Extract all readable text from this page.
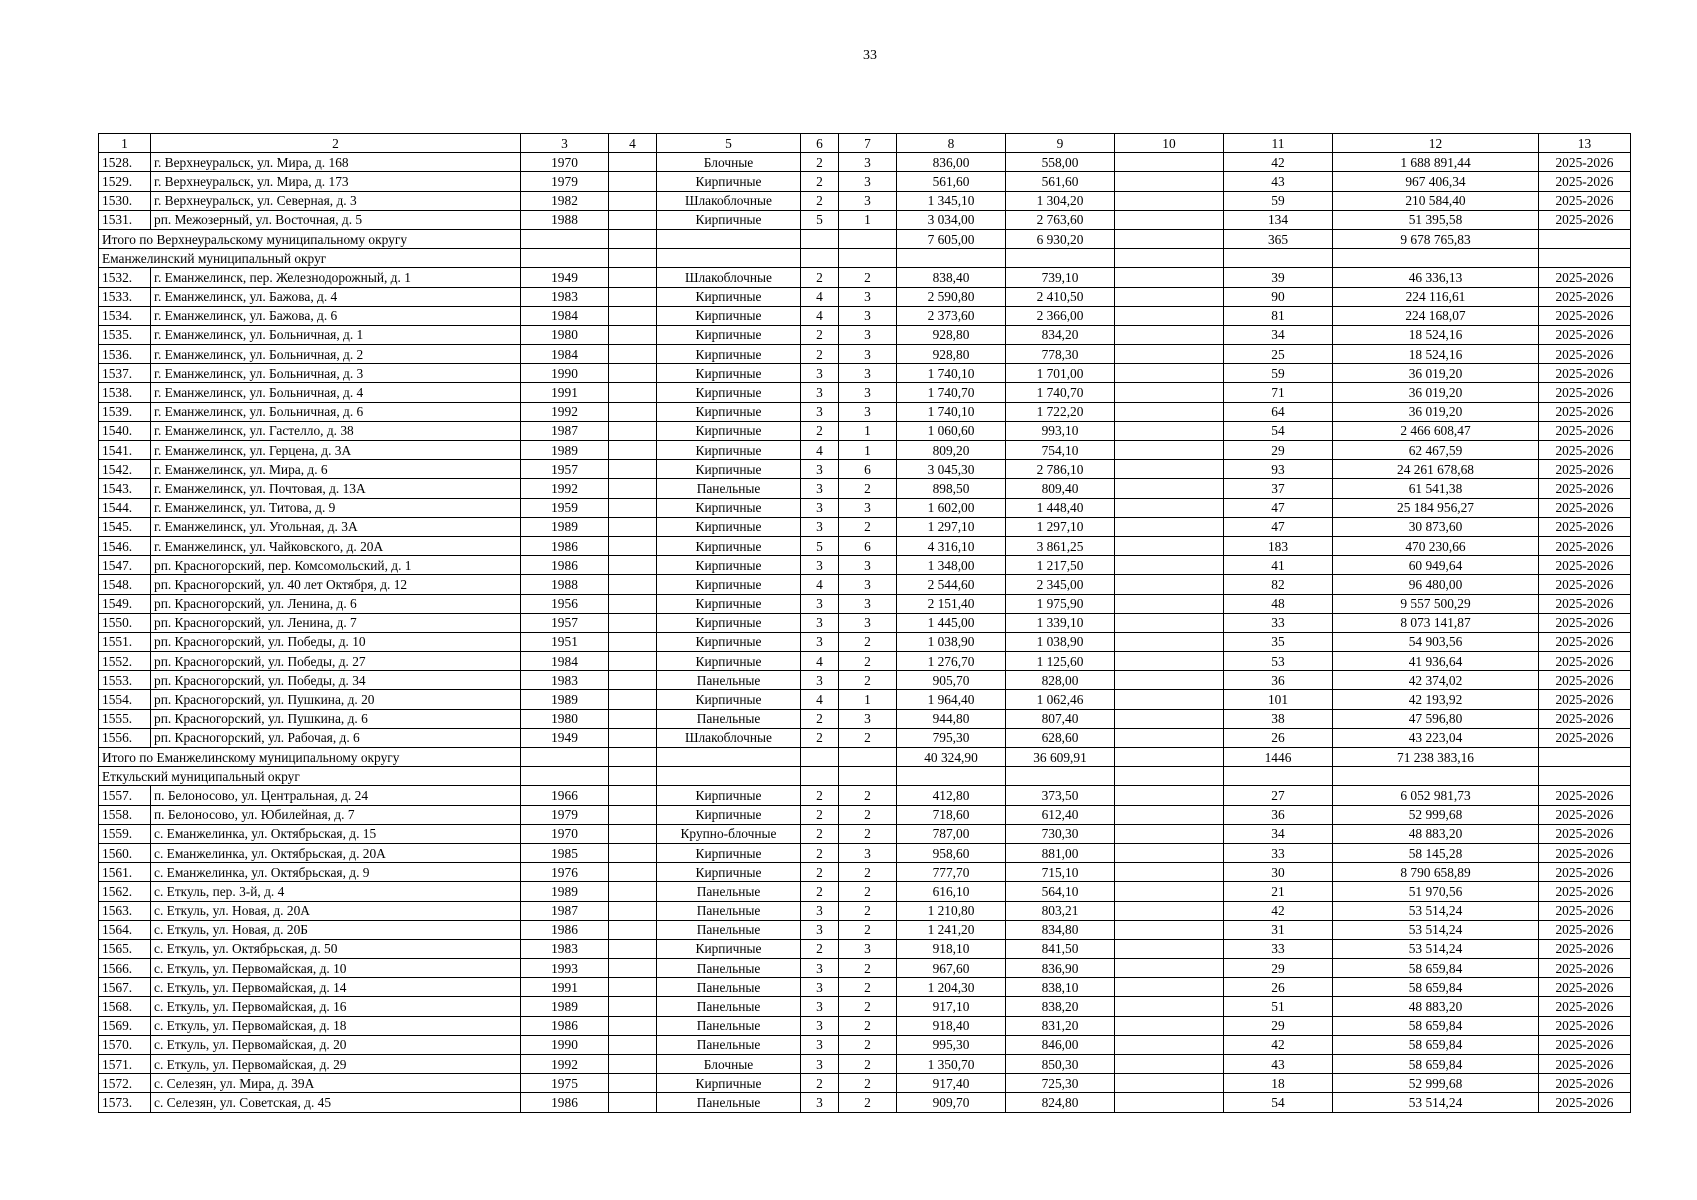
33
1	2	3	4	5	6	7	8	9	10	11	12	13
1528.	г. Верхнеуральск, ул. Мира, д. 168	1970		Блочные	2	3	836,00	558,00		42	1 688 891,44	2025-2026
1529.	г. Верхнеуральск, ул. Мира, д. 173	1979		Кирпичные	2	3	561,60	561,60		43	967 406,34	2025-2026
1530.	г. Верхнеуральск, ул. Северная, д. 3	1982		Шлакоблочные	2	3	1 345,10	1 304,20		59	210 584,40	2025-2026
1531.	рп. Межозерный, ул. Восточная, д. 5	1988		Кирпичные	5	1	3 034,00	2 763,60		134	51 395,58	2025-2026
Итого по Верхнеуральскому муниципальному округу							7 605,00	6 930,20		365	9 678 765,83	
Еманжелинский муниципальный округ												
1532.	г. Еманжелинск, пер. Железнодорожный, д. 1	1949		Шлакоблочные	2	2	838,40	739,10		39	46 336,13	2025-2026
1533.	г. Еманжелинск, ул. Бажова, д. 4	1983		Кирпичные	4	3	2 590,80	2 410,50		90	224 116,61	2025-2026
1534.	г. Еманжелинск, ул. Бажова, д. 6	1984		Кирпичные	4	3	2 373,60	2 366,00		81	224 168,07	2025-2026
1535.	г. Еманжелинск, ул. Больничная, д. 1	1980		Кирпичные	2	3	928,80	834,20		34	18 524,16	2025-2026
1536.	г. Еманжелинск, ул. Больничная, д. 2	1984		Кирпичные	2	3	928,80	778,30		25	18 524,16	2025-2026
1537.	г. Еманжелинск, ул. Больничная, д. 3	1990		Кирпичные	3	3	1 740,10	1 701,00		59	36 019,20	2025-2026
1538.	г. Еманжелинск, ул. Больничная, д. 4	1991		Кирпичные	3	3	1 740,70	1 740,70		71	36 019,20	2025-2026
1539.	г. Еманжелинск, ул. Больничная, д. 6	1992		Кирпичные	3	3	1 740,10	1 722,20		64	36 019,20	2025-2026
1540.	г. Еманжелинск, ул. Гастелло, д. 38	1987		Кирпичные	2	1	1 060,60	993,10		54	2 466 608,47	2025-2026
1541.	г. Еманжелинск, ул. Герцена, д. 3А	1989		Кирпичные	4	1	809,20	754,10		29	62 467,59	2025-2026
1542.	г. Еманжелинск, ул. Мира, д. 6	1957		Кирпичные	3	6	3 045,30	2 786,10		93	24 261 678,68	2025-2026
1543.	г. Еманжелинск, ул. Почтовая, д. 13А	1992		Панельные	3	2	898,50	809,40		37	61 541,38	2025-2026
1544.	г. Еманжелинск, ул. Титова, д. 9	1959		Кирпичные	3	3	1 602,00	1 448,40		47	25 184 956,27	2025-2026
1545.	г. Еманжелинск, ул. Угольная, д. 3А	1989		Кирпичные	3	2	1 297,10	1 297,10		47	30 873,60	2025-2026
1546.	г. Еманжелинск, ул. Чайковского, д. 20А	1986		Кирпичные	5	6	4 316,10	3 861,25		183	470 230,66	2025-2026
1547.	рп. Красногорский, пер. Комсомольский, д. 1	1986		Кирпичные	3	3	1 348,00	1 217,50		41	60 949,64	2025-2026
1548.	рп. Красногорский, ул. 40 лет Октября, д. 12	1988		Кирпичные	4	3	2 544,60	2 345,00		82	96 480,00	2025-2026
1549.	рп. Красногорский, ул. Ленина, д. 6	1956		Кирпичные	3	3	2 151,40	1 975,90		48	9 557 500,29	2025-2026
1550.	рп. Красногорский, ул. Ленина, д. 7	1957		Кирпичные	3	3	1 445,00	1 339,10		33	8 073 141,87	2025-2026
1551.	рп. Красногорский, ул. Победы, д. 10	1951		Кирпичные	3	2	1 038,90	1 038,90		35	54 903,56	2025-2026
1552.	рп. Красногорский, ул. Победы, д. 27	1984		Кирпичные	4	2	1 276,70	1 125,60		53	41 936,64	2025-2026
1553.	рп. Красногорский, ул. Победы, д. 34	1983		Панельные	3	2	905,70	828,00		36	42 374,02	2025-2026
1554.	рп. Красногорский, ул. Пушкина, д. 20	1989		Кирпичные	4	1	1 964,40	1 062,46		101	42 193,92	2025-2026
1555.	рп. Красногорский, ул. Пушкина, д. 6	1980		Панельные	2	3	944,80	807,40		38	47 596,80	2025-2026
1556.	рп. Красногорский, ул. Рабочая, д. 6	1949		Шлакоблочные	2	2	795,30	628,60		26	43 223,04	2025-2026
Итого по Еманжелинскому муниципальному округу							40 324,90	36 609,91		1446	71 238 383,16	
Еткульский муниципальный округ												
1557.	п. Белоносово, ул. Центральная, д. 24	1966		Кирпичные	2	2	412,80	373,50		27	6 052 981,73	2025-2026
1558.	п. Белоносово, ул. Юбилейная, д. 7	1979		Кирпичные	2	2	718,60	612,40		36	52 999,68	2025-2026
1559.	с. Еманжелинка, ул. Октябрьская, д. 15	1970		Крупно-блочные	2	2	787,00	730,30		34	48 883,20	2025-2026
1560.	с. Еманжелинка, ул. Октябрьская, д. 20А	1985		Кирпичные	2	3	958,60	881,00		33	58 145,28	2025-2026
1561.	с. Еманжелинка, ул. Октябрьская, д. 9	1976		Кирпичные	2	2	777,70	715,10		30	8 790 658,89	2025-2026
1562.	с. Еткуль, пер. 3-й, д. 4	1989		Панельные	2	2	616,10	564,10		21	51 970,56	2025-2026
1563.	с. Еткуль, ул. Новая, д. 20А	1987		Панельные	3	2	1 210,80	803,21		42	53 514,24	2025-2026
1564.	с. Еткуль, ул. Новая, д. 20Б	1986		Панельные	3	2	1 241,20	834,80		31	53 514,24	2025-2026
1565.	с. Еткуль, ул. Октябрьская, д. 50	1983		Кирпичные	2	3	918,10	841,50		33	53 514,24	2025-2026
1566.	с. Еткуль, ул. Первомайская, д. 10	1993		Панельные	3	2	967,60	836,90		29	58 659,84	2025-2026
1567.	с. Еткуль, ул. Первомайская, д. 14	1991		Панельные	3	2	1 204,30	838,10		26	58 659,84	2025-2026
1568.	с. Еткуль, ул. Первомайская, д. 16	1989		Панельные	3	2	917,10	838,20		51	48 883,20	2025-2026
1569.	с. Еткуль, ул. Первомайская, д. 18	1986		Панельные	3	2	918,40	831,20		29	58 659,84	2025-2026
1570.	с. Еткуль, ул. Первомайская, д. 20	1990		Панельные	3	2	995,30	846,00		42	58 659,84	2025-2026
1571.	с. Еткуль, ул. Первомайская, д. 29	1992		Блочные	3	2	1 350,70	850,30		43	58 659,84	2025-2026
1572.	с. Селезян, ул. Мира, д. 39А	1975		Кирпичные	2	2	917,40	725,30		18	52 999,68	2025-2026
1573.	с. Селезян, ул. Советская, д. 45	1986		Панельные	3	2	909,70	824,80		54	53 514,24	2025-2026
